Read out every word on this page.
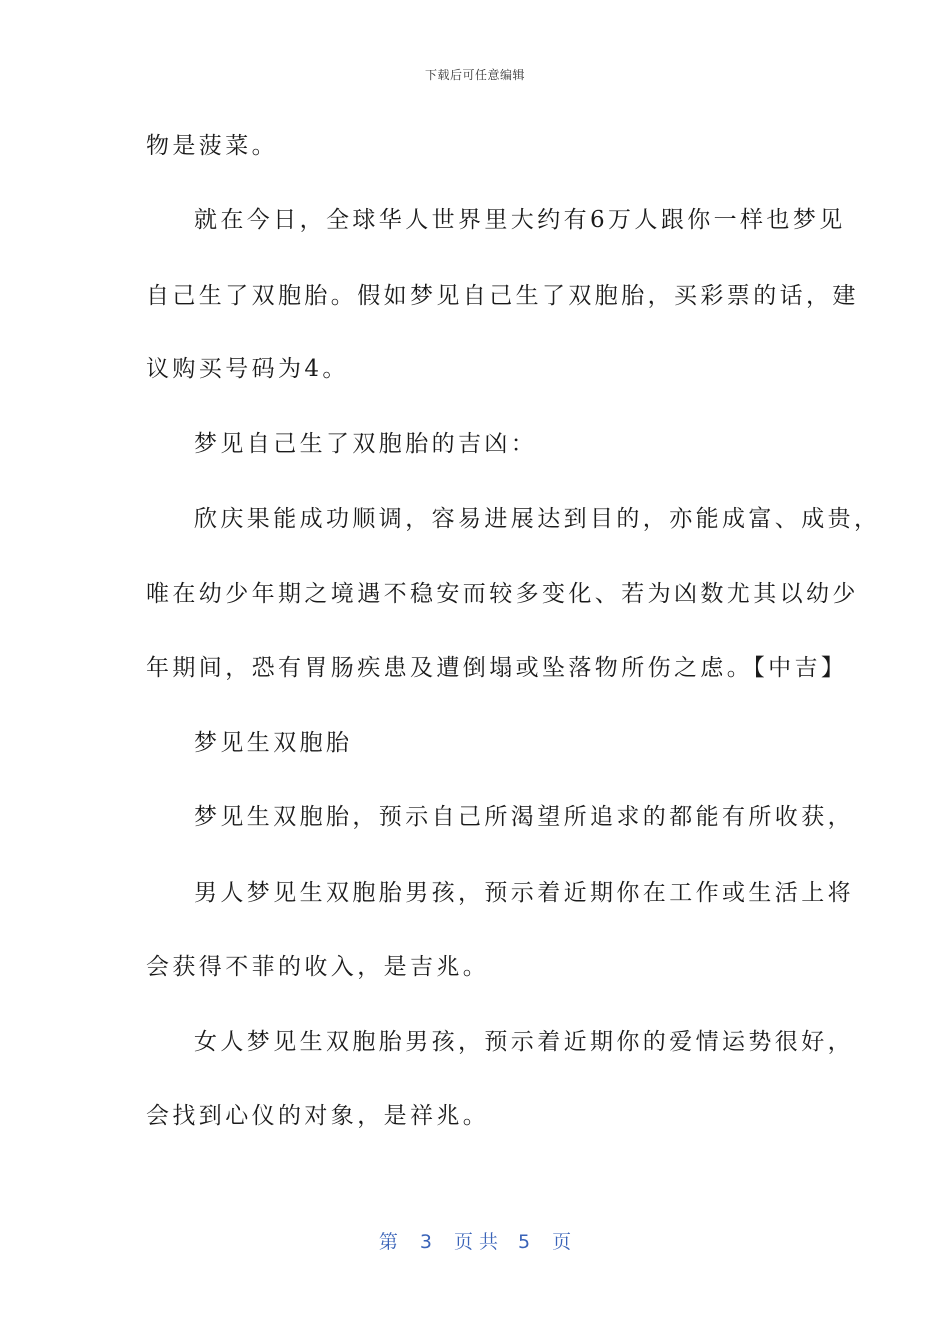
下载后可任意编辑
物是菠菜。
就在今日，全球华人世界里大约有6万人跟你一样也梦见
自己生了双胞胎。假如梦见自己生了双胞胎，买彩票的话，建
议购买号码为4。
梦见自己生了双胞胎的吉凶：
欣庆果能成功顺调，容易进展达到目的，亦能成富、成贵，
唯在幼少年期之境遇不稳安而较多变化、若为凶数尤其以幼少
年期间，恐有胃肠疾患及遭倒塌或坠落物所伤之虑。【中吉】
梦见生双胞胎
梦见生双胞胎，预示自己所渴望所追求的都能有所收获，
男人梦见生双胞胎男孩，预示着近期你在工作或生活上将
会获得不菲的收入，是吉兆。
女人梦见生双胞胎男孩，预示着近期你的爱情运势很好，
会找到心仪的对象，是祥兆。
第 3 页共 5 页
